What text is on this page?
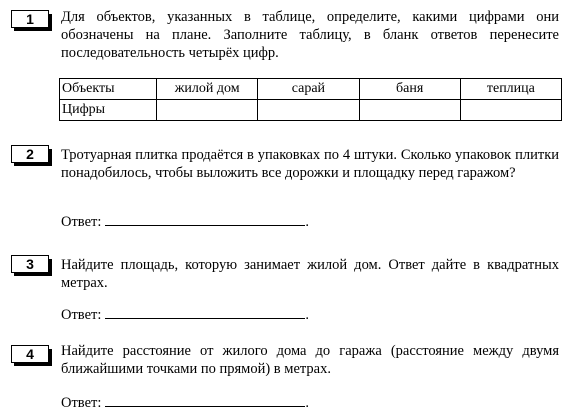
1	Для объектов, указанных в таблице, определите, какими цифрами они обозначены на плане. Заполните таблицу, в бланк ответов перенесите последовательность четырёх цифр.
Объекты	жилой дом	сарай	баня	теплица
Цифры				
2	Тротуарная плитка продаётся в упаковках по 4 штуки. Сколько упаковок плитки понадобилось, чтобы выложить все дорожки и площадку перед гаражом?
Ответ:	.
3	Найдите площадь, которую занимает жилой дом. Ответ дайте в квадратных метрах.
Ответ:	.
4	Найдите расстояние от жилого дома до гаража (расстояние между двумя ближайшими точками по прямой) в метрах.
Ответ:	.
